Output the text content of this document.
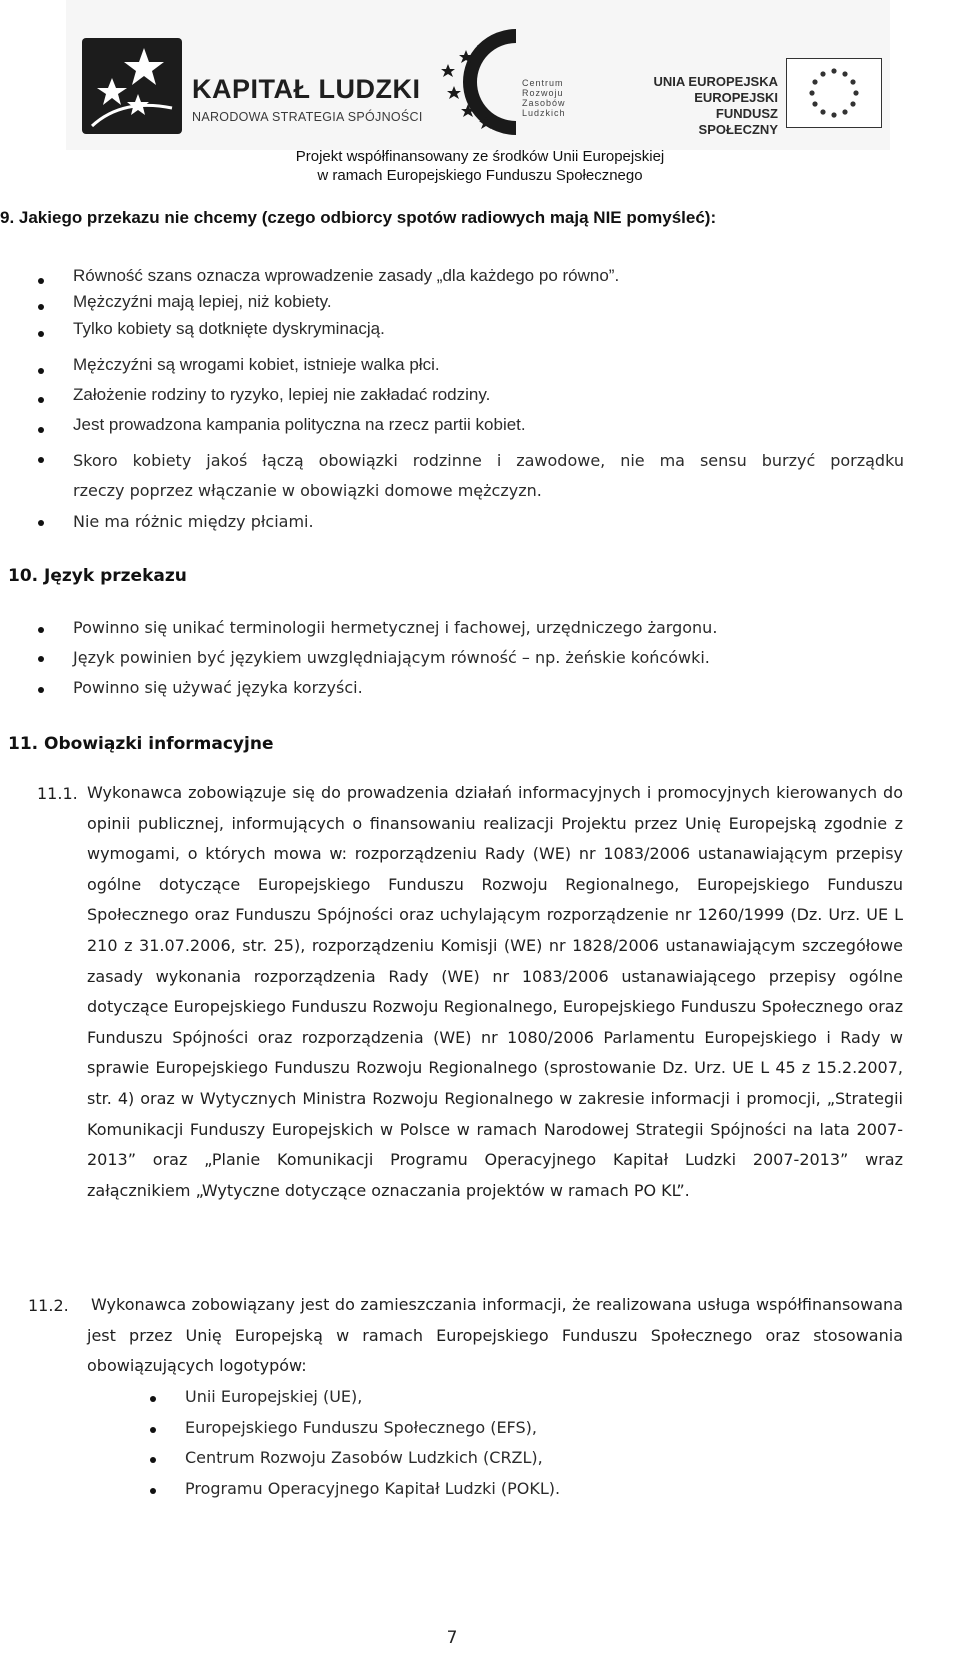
KAPITAŁ LUDZKI
NARODOWA STRATEGIA SPÓJNOŚCI
Centrum
Rozwoju
Zasobów
Ludzkich
UNIA EUROPEJSKA
EUROPEJSKI
FUNDUSZ SPOŁECZNY
Projekt współfinansowany ze środków Unii Europejskiej
w ramach Europejskiego Funduszu Społecznego
9. Jakiego przekazu nie chcemy (czego odbiorcy spotów radiowych mają NIE pomyśleć):
Równość szans oznacza wprowadzenie zasady „dla każdego po równo”.
Mężczyźni mają lepiej, niż kobiety.
Tylko kobiety są dotknięte dyskryminacją.
Mężczyźni są wrogami kobiet, istnieje walka płci.
Założenie rodziny to ryzyko, lepiej nie zakładać rodziny.
Jest prowadzona kampania polityczna na rzecz partii kobiet.
Skoro kobiety jakoś łączą obowiązki rodzinne i zawodowe, nie ma sensu burzyć porządku
rzeczy poprzez włączanie w obowiązki domowe mężczyzn.
Nie ma różnic między płciami.
10. Język przekazu
Powinno się unikać terminologii hermetycznej i fachowej, urzędniczego żargonu.
Język powinien być językiem uwzględniającym równość – np. żeńskie końcówki.
Powinno się używać języka korzyści.
11. Obowiązki informacyjne
11.1. Wykonawca zobowiązuje się do prowadzenia działań informacyjnych i promocyjnych kierowanych do opinii publicznej, informujących o finansowaniu realizacji Projektu przez Unię Europejską zgodnie z wymogami, o których mowa w: rozporządzeniu Rady (WE) nr 1083/2006 ustanawiającym przepisy ogólne dotyczące Europejskiego Funduszu Rozwoju Regionalnego, Europejskiego Funduszu Społecznego oraz Funduszu Spójności oraz uchylającym rozporządzenie nr 1260/1999 (Dz. Urz. UE L 210 z 31.07.2006, str. 25), rozporządzeniu Komisji (WE) nr 1828/2006 ustanawiającym szczegółowe zasady wykonania rozporządzenia Rady (WE) nr 1083/2006 ustanawiającego przepisy ogólne dotyczące Europejskiego Funduszu Rozwoju Regionalnego, Europejskiego Funduszu Społecznego oraz Funduszu Spójności oraz rozporządzenia (WE) nr 1080/2006 Parlamentu Europejskiego i Rady w sprawie Europejskiego Funduszu Rozwoju Regionalnego (sprostowanie Dz. Urz. UE L 45 z 15.2.2007, str. 4) oraz w Wytycznych Ministra Rozwoju Regionalnego w zakresie informacji i promocji, „Strategii Komunikacji Funduszy Europejskich w Polsce w ramach Narodowej Strategii Spójności na lata 2007-2013” oraz „Planie Komunikacji Programu Operacyjnego Kapitał Ludzki 2007-2013” wraz załącznikiem „Wytyczne dotyczące oznaczania projektów w ramach PO KL”.
11.2. Wykonawca zobowiązany jest do zamieszczania informacji, że realizowana usługa współfinansowana jest przez Unię Europejską w ramach Europejskiego Funduszu Społecznego oraz stosowania obowiązujących logotypów:
Unii Europejskiej (UE),
Europejskiego Funduszu Społecznego (EFS),
Centrum Rozwoju Zasobów Ludzkich (CRZL),
Programu Operacyjnego Kapitał Ludzki (POKL).
7
